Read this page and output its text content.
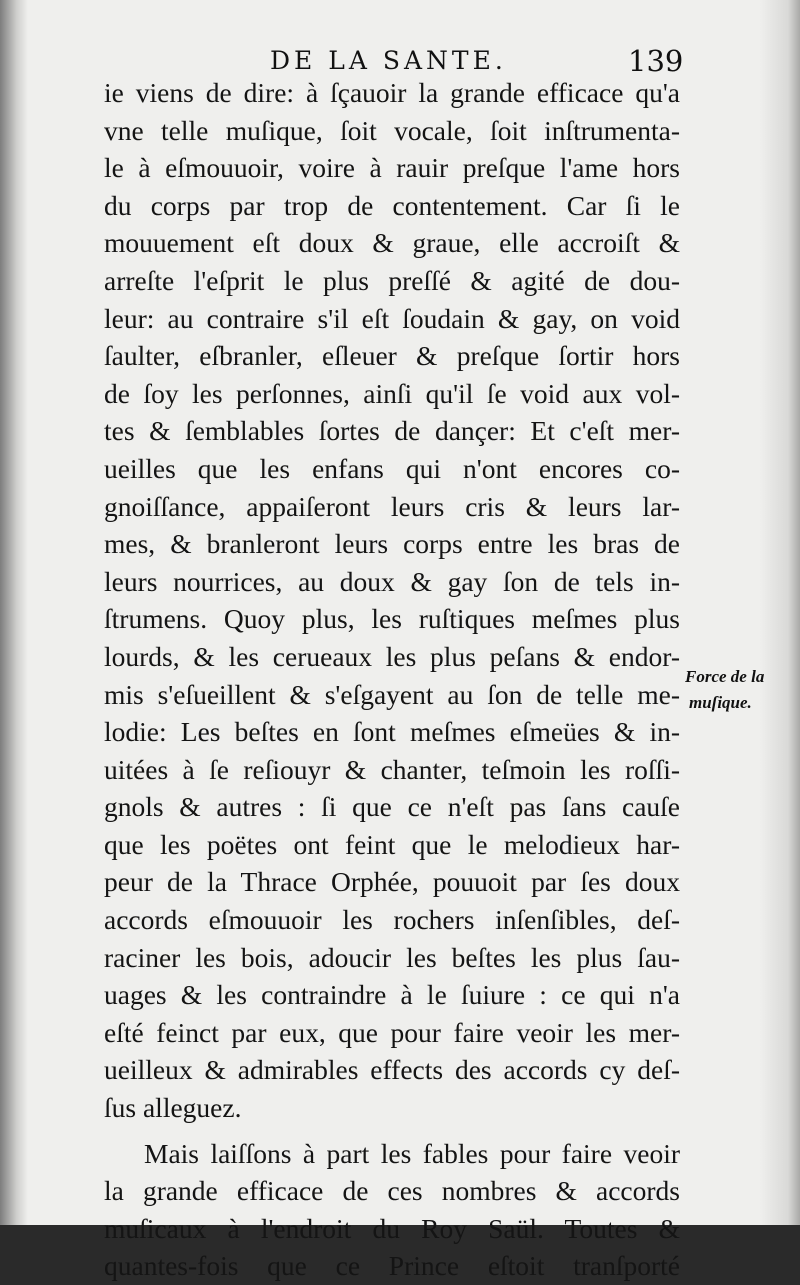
DE LA SANTE.	139
ie viens de dire: à ſçauoir la grande efficace qu'a
vne telle muſique, ſoit vocale, ſoit inſtrumenta-
le à eſmouuoir, voire à rauir preſque l'ame hors
du corps par trop de contentement. Car ſi le
mouuement eſt doux & graue, elle accroiſt &
arreſte l'eſprit le plus preſſé & agité de dou-
leur: au contraire s'il eſt ſoudain & gay, on void
ſaulter, eſbranler, eſleuer & preſque ſortir hors
de ſoy les perſonnes, ainſi qu'il ſe void aux vol-
tes & ſemblables ſortes de dançer: Et c'eſt mer-
ueilles que les enfans qui n'ont encores co-
gnoiſſance, appaiſeront leurs cris & leurs lar-
mes, & branleront leurs corps entre les bras de
leurs nourrices, au doux & gay ſon de tels in-
ſtrumens. Quoy plus, les ruſtiques meſmes plus
lourds, & les cerueaux les plus peſans & endor-
mis s'eſueillent & s'eſgayent au ſon de telle me-
lodie: Les beſtes en ſont meſmes eſmeües & in-
uitées à ſe reſiouyr & chanter, teſmoin les roſſi-
gnols & autres : ſi que ce n'eſt pas ſans cauſe
que les poëtes ont feint que le melodieux har-
peur de la Thrace Orphée, pouuoit par ſes doux
accords eſmouuoir les rochers inſenſibles, deſ-
raciner les bois, adoucir les beſtes les plus ſau-
uages & les contraindre à le ſuiure : ce qui n'a
eſté feinct par eux, que pour faire veoir les mer-
ueilleux & admirables effects des accords cy deſ-
ſus alleguez.
Mais laiſſons à part les fables pour faire veoir
la grande efficace de ces nombres & accords
muſicaux à l'endroit du Roy Saül. Toutes &
quantes-fois que ce Prince eſtoit tranſporté
Force de la
muſique.
